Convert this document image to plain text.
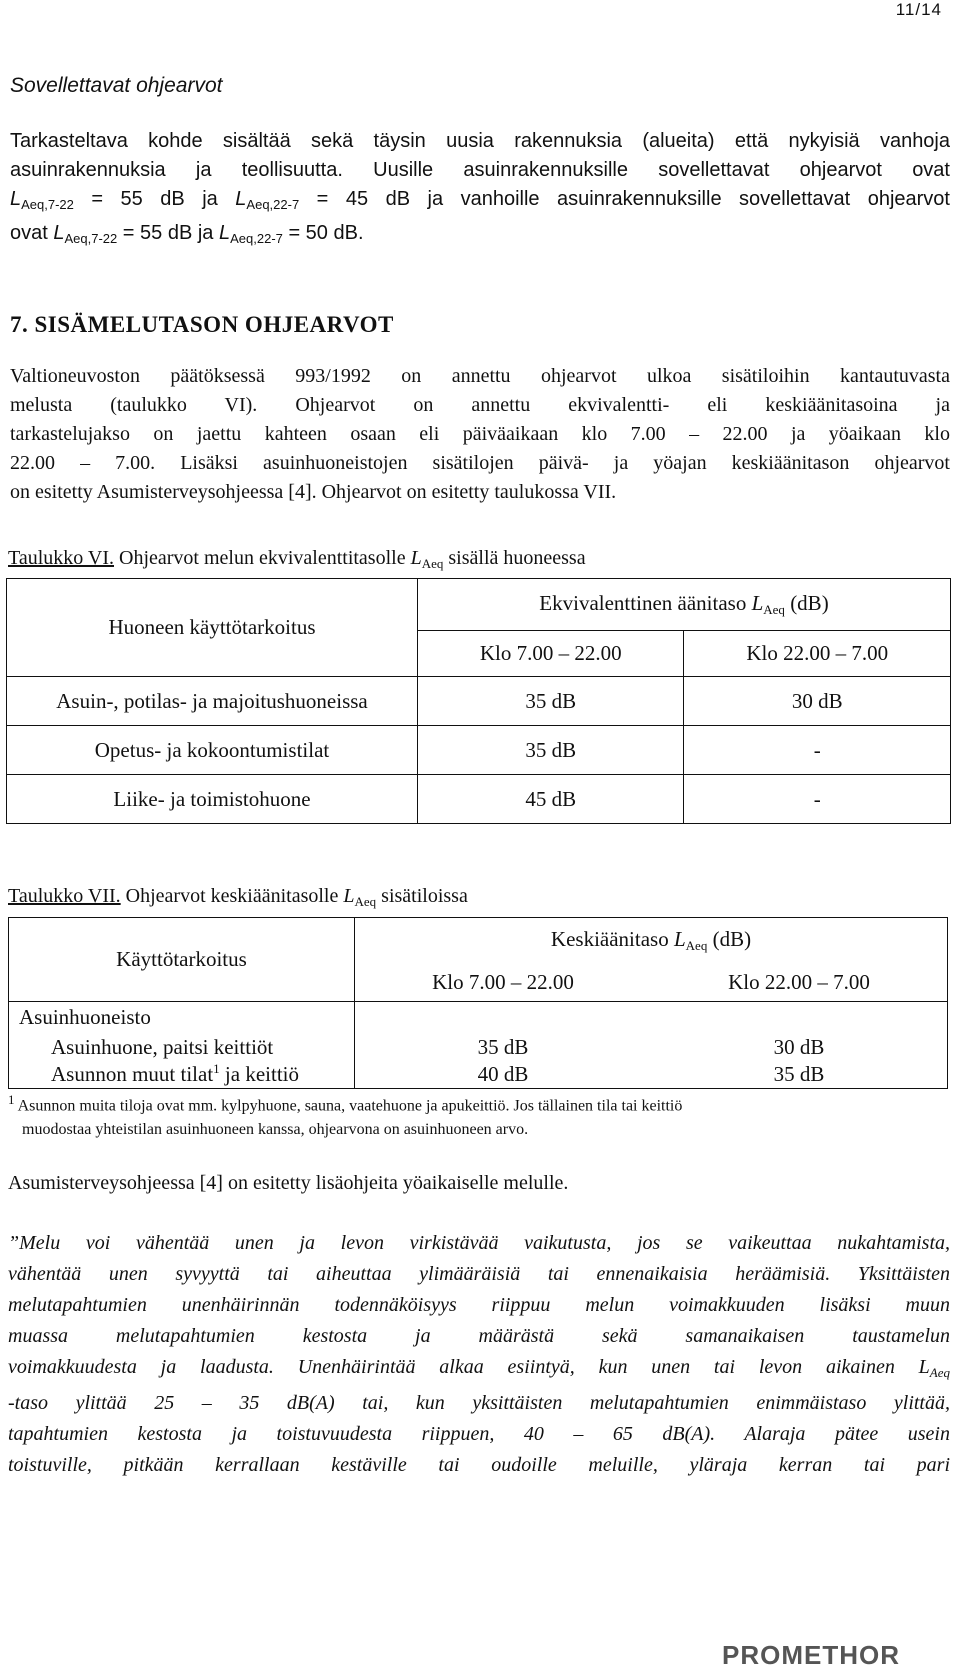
11/14
Sovellettavat ohjearvot
Tarkasteltava kohde sisältää sekä täysin uusia rakennuksia (alueita) että nykyisiä vanhoja
asuinrakennuksia ja teollisuutta. Uusille asuinrakennuksille sovellettavat ohjearvot ovat
$L_{Aeq,7-22} = 55$ dB ja $L_{Aeq,22-7} = 45$ dB ja vanhoille asuinrakennuksille sovellettavat ohjearvot
ovat $L_{Aeq,7-22} = 55$ dB ja $L_{Aeq,22-7} = 50$ dB.
7. SISÄMELUTASON OHJEARVOT
Valtioneuvoston päätöksessä 993/1992 on annettu ohjearvot ulkoa sisätiloihin kantautuvasta
melusta (taulukko VI). Ohjearvot on annettu ekvivalentti- eli keskiäänitasoina ja
tarkastelujakso on jaettu kahteen osaan eli päiväaikaan klo 7.00 – 22.00 ja yöaikaan klo
22.00 – 7.00. Lisäksi asuinhuoneistojen sisätilojen päivä- ja yöajan keskiäänitason ohjearvot
on esitetty Asumisterveysohjeessa [4]. Ohjearvot on esitetty taulukossa VII.
Taulukko VI. Ohjearvot melun ekvivalenttitasolle $L_{Aeq}$ sisällä huoneessa
Huoneen käyttötarkoitus	Ekvivalenttinen äänitaso $L_{Aeq}$ (dB)	
	Klo 7.00 – 22.00	Klo 22.00 – 7.00
Asuin-, potilas- ja majoitushuoneissa	35 dB	30 dB
Opetus- ja kokoontumistilat	35 dB	-
Liike- ja toimistohuone	45 dB	-
Taulukko VII. Ohjearvot keskiäänitasolle $L_{Aeq}$ sisätiloissa
Käyttötarkoitus	Keskiäänitaso $L_{Aeq}$ (dB)	
	Klo 7.00 – 22.00	Klo 22.00 – 7.00
Asuinhuoneisto		
Asuinhuone, paitsi keittiöt	35 dB	30 dB
Asunnon muut tilat$^1$ ja keittiö	40 dB	35 dB
$^1$ Asunnon muita tiloja ovat mm. kylpyhuone, sauna, vaatehuone ja apukeittiö. Jos tällainen tila tai keittiö
muodostaa yhteistilan asuinhuoneen kanssa, ohjearvona on asuinhuoneen arvo.
Asumisterveysohjeessa [4] on esitetty lisäohjeita yöaikaiselle melulle.
”Melu voi vähentää unen ja levon virkistävää vaikutusta, jos se vaikeuttaa nukahtamista,
vähentää unen syvyyttä tai aiheuttaa ylimääräisiä tai ennenaikaisia heräämisiä. Yksittäisten
melutapahtumien unenhäirinnän todennäköisyys riippuu melun voimakkuuden lisäksi muun
muassa melutapahtumien kestosta ja määrästä sekä samanaikaisen taustamelun
voimakkuudesta ja laadusta. Unenhäirintää alkaa esiintyä, kun unen tai levon aikainen $L_{Aeq}$
-taso ylittää 25 – 35 dB(A) tai, kun yksittäisten melutapahtumien enimmäistaso ylittää,
tapahtumien kestosta ja toistuvuudesta riippuen, 40 – 65 dB(A). Alaraja pätee usein
toistuville, pitkään kerrallaan kestäville tai oudoille meluille, yläraja kerran tai pari
PROMETHOR
